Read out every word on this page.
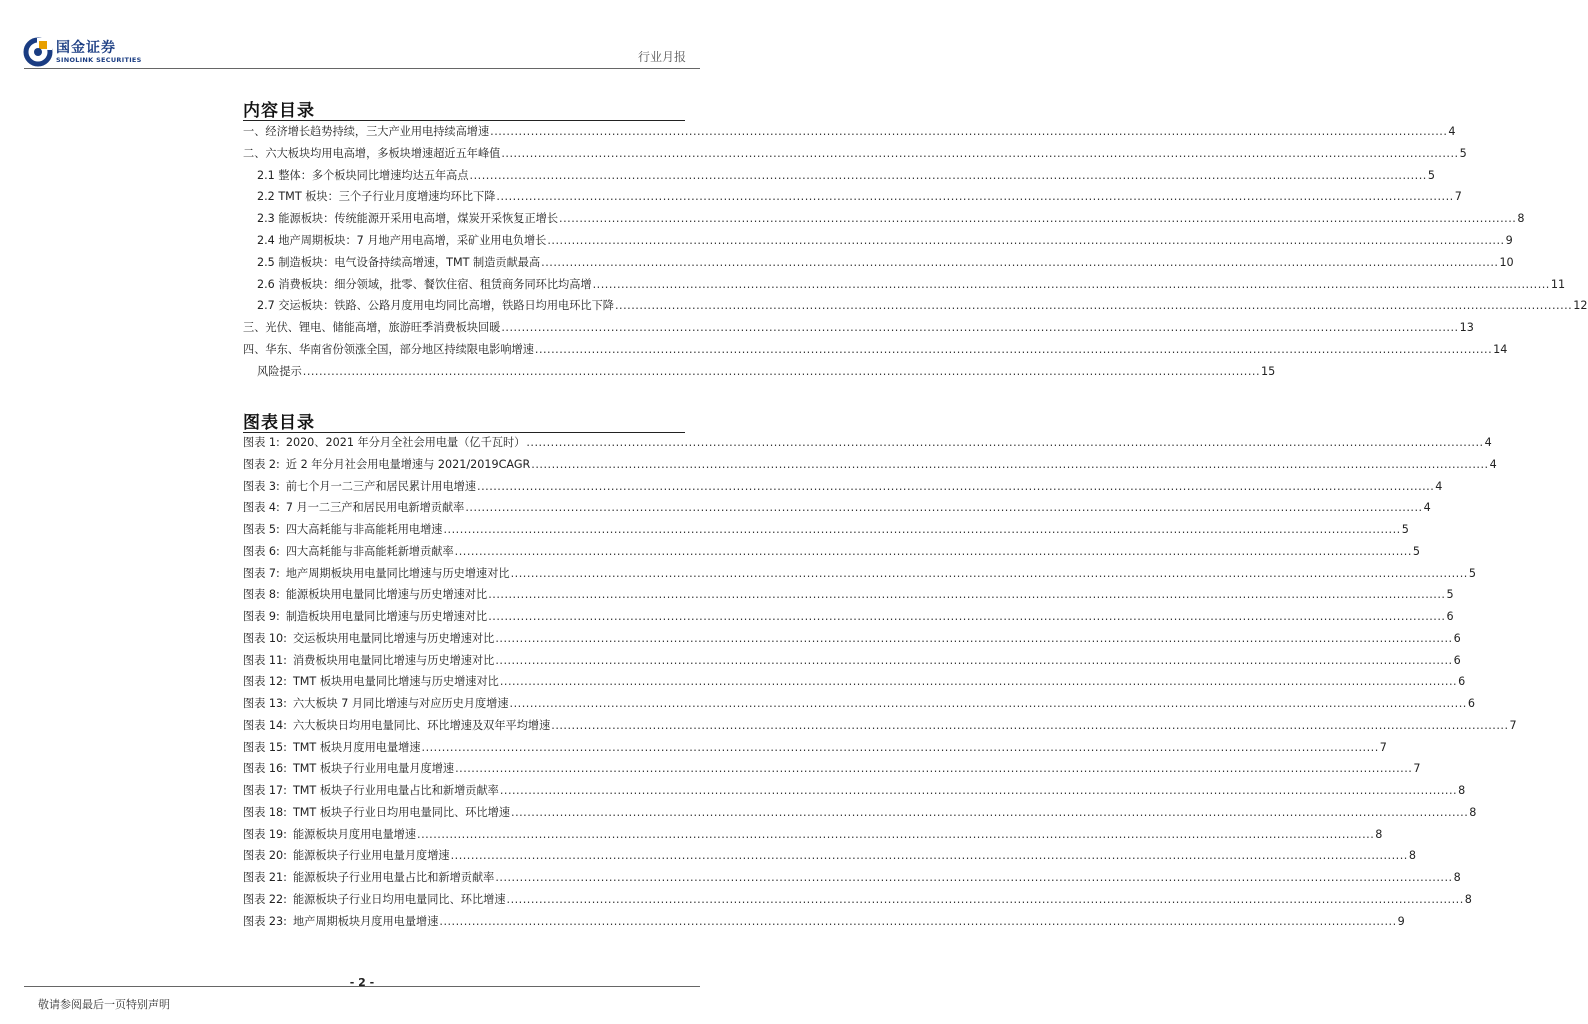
国金证券
SINOLINK SECURITIES	行业月报
内容目录
一、经济增长趋势持续，三大产业用电持续高增速 .....	4
二、六大板块均用电高增，多板块增速超近五年峰值 .....	5
2.1 整体：多个板块同比增速均达五年高点 .....	5
2.2 TMT 板块：三个子行业月度增速均环比下降 .....	7
2.3 能源板块：传统能源开采用电高增，煤炭开采恢复正增长 .....	8
2.4 地产周期板块：7 月地产用电高增，采矿业用电负增长 .....	9
2.5 制造板块：电气设备持续高增速，TMT 制造贡献最高 .....	10
2.6 消费板块：细分领域，批零、餐饮住宿、租赁商务同环比均高增 .....	11
2.7 交运板块：铁路、公路月度用电均同比高增，铁路日均用电环比下降 .....	12
三、光伏、锂电、储能高增，旅游旺季消费板块回暖 .....	13
四、华东、华南省份领涨全国，部分地区持续限电影响增速 .....	14
风险提示 .....	15
图表目录
图表 1: 2020、2021 年分月全社会用电量（亿千瓦时） .....	4
图表 2: 近 2 年分月社会用电量增速与 2021/2019CAGR .....	4
图表 3: 前七个月一二三产和居民累计用电增速 .....	4
图表 4: 7 月一二三产和居民用电新增贡献率 .....	4
图表 5: 四大高耗能与非高能耗用电增速 .....	5
图表 6: 四大高耗能与非高能耗新增贡献率 .....	5
图表 7: 地产周期板块用电量同比增速与历史增速对比 .....	5
图表 8: 能源板块用电量同比增速与历史增速对比 .....	5
图表 9: 制造板块用电量同比增速与历史增速对比 .....	6
图表 10: 交运板块用电量同比增速与历史增速对比 .....	6
图表 11: 消费板块用电量同比增速与历史增速对比 .....	6
图表 12: TMT 板块用电量同比增速与历史增速对比 .....	6
图表 13: 六大板块 7 月同比增速与对应历史月度增速 .....	6
图表 14: 六大板块日均用电量同比、环比增速及双年平均增速 .....	7
图表 15: TMT 板块月度用电量增速 .....	7
图表 16: TMT 板块子行业用电量月度增速 .....	7
图表 17: TMT 板块子行业用电量占比和新增贡献率 .....	8
图表 18: TMT 板块子行业日均用电量同比、环比增速 .....	8
图表 19: 能源板块月度用电量增速 .....	8
图表 20: 能源板块子行业用电量月度增速 .....	8
图表 21: 能源板块子行业用电量占比和新增贡献率 .....	8
图表 22: 能源板块子行业日均用电量同比、环比增速 .....	8
图表 23: 地产周期板块月度用电量增速 .....	9
- 2 -
敬请参阅最后一页特别声明
